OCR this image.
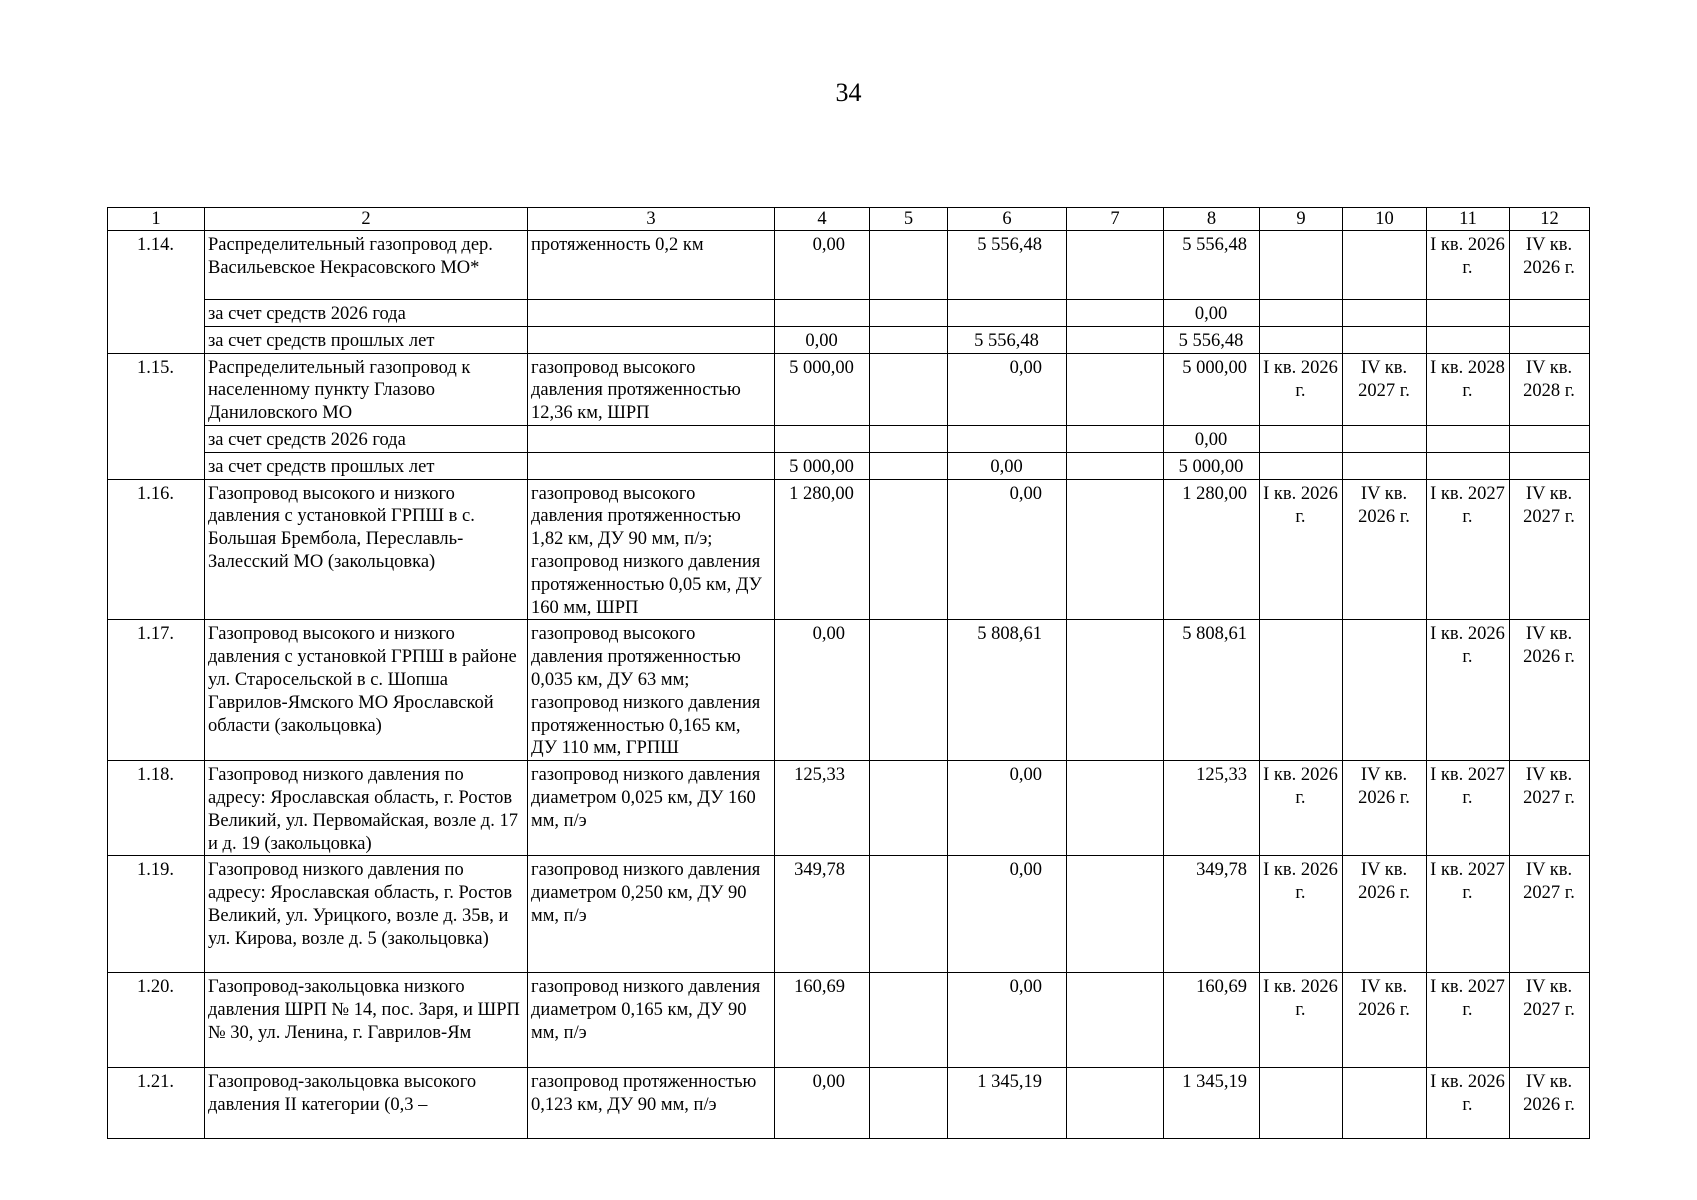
34
1	2	3	4	5	6	7	8	9	10	11	12
1.14.	Распределительный газопровод дер. Васильевское Некрасовского МО*	протяженность 0,2 км	0,00		5 556,48		5 556,48			I кв. 2026 г.	IV кв. 2026 г.
	за счет средств 2026 года						0,00				
	за счет средств прошлых лет		0,00		5 556,48		5 556,48				
1.15.	Распределительный газопровод к населенному пункту Глазово Даниловского МО	газопровод высокого давления протяженностью 12,36 км, ШРП	5 000,00		0,00		5 000,00	I кв. 2026 г.	IV кв. 2027 г.	I кв. 2028 г.	IV кв. 2028 г.
	за счет средств 2026 года						0,00				
	за счет средств прошлых лет		5 000,00		0,00		5 000,00				
1.16.	Газопровод высокого и низкого давления с установкой ГРПШ в с. Большая Брембола, Переславль-Залесский МО (закольцовка)	газопровод высокого давления протяженностью 1,82 км, ДУ 90 мм, п/э; газопровод низкого давления протяженностью 0,05 км, ДУ 160 мм, ШРП	1 280,00		0,00		1 280,00	I кв. 2026 г.	IV кв. 2026 г.	I кв. 2027 г.	IV кв. 2027 г.
1.17.	Газопровод высокого и низкого давления с установкой ГРПШ в районе ул. Старосельской в с. Шопша Гаврилов-Ямского МО Ярославской области (закольцовка)	газопровод высокого давления протяженностью 0,035 км, ДУ 63 мм; газопровод низкого давления протяженностью 0,165 км, ДУ 110 мм, ГРПШ	0,00		5 808,61		5 808,61			I кв. 2026 г.	IV кв. 2026 г.
1.18.	Газопровод низкого давления по адресу: Ярославская область, г. Ростов Великий, ул. Первомайская, возле д. 17 и д. 19 (закольцовка)	газопровод низкого давления диаметром 0,025 км, ДУ 160 мм, п/э	125,33		0,00		125,33	I кв. 2026 г.	IV кв. 2026 г.	I кв. 2027 г.	IV кв. 2027 г.
1.19.	Газопровод низкого давления по адресу: Ярославская область, г. Ростов Великий, ул. Урицкого, возле д. 35в, и ул. Кирова, возле д. 5 (закольцовка)	газопровод низкого давления диаметром 0,250 км, ДУ 90 мм, п/э	349,78		0,00		349,78	I кв. 2026 г.	IV кв. 2026 г.	I кв. 2027 г.	IV кв. 2027 г.
1.20.	Газопровод-закольцовка низкого давления ШРП № 14, пос. Заря, и ШРП № 30, ул. Ленина, г. Гаврилов-Ям	газопровод низкого давления диаметром 0,165 км, ДУ 90 мм, п/э	160,69		0,00		160,69	I кв. 2026 г.	IV кв. 2026 г.	I кв. 2027 г.	IV кв. 2027 г.
1.21.	Газопровод-закольцовка высокого давления II категории (0,3 –	газопровод протяженностью 0,123 км, ДУ 90 мм, п/э	0,00		1 345,19		1 345,19			I кв. 2026 г.	IV кв. 2026 г.
